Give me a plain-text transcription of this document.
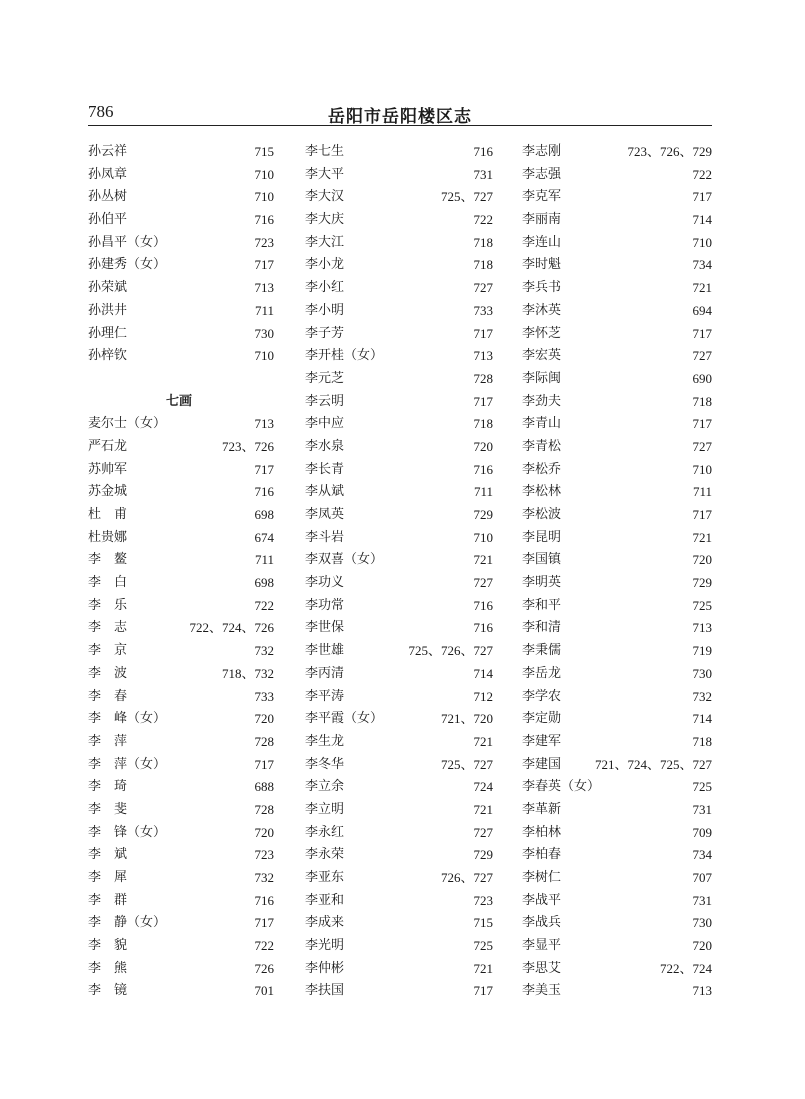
786	岳阳市岳阳楼区志
孙云祥	715
孙凤章	710
孙丛树	710
孙伯平	716
孙昌平（女）	723
孙建秀（女）	717
孙荣斌	713
孙洪井	711
孙理仁	730
孙梓钦	710
七画
麦尔士（女）	713
严石龙	723、726
苏帅军	717
苏金城	716
杜　甫	698
杜贵娜	674
李　鳌	711
李　白	698
李　乐	722
李　志	722、724、726
李　京	732
李　波	718、732
李　春	733
李　峰（女）	720
李　萍	728
李　萍（女）	717
李　琦	688
李　斐	728
李　锋（女）	720
李　斌	723
李　犀	732
李　群	716
李　静（女）	717
李　貌	722
李　熊	726
李　镜	701
李七生	716
李大平	731
李大汉	725、727
李大庆	722
李大江	718
李小龙	718
李小红	727
李小明	733
李子芳	717
李开桂（女）	713
李元芝	728
李云明	717
李中应	718
李水泉	720
李长青	716
李从斌	711
李凤英	729
李斗岩	710
李双喜（女）	721
李功义	727
李功常	716
李世保	716
李世雄	725、726、727
李丙清	714
李平涛	712
李平霞（女）	721、720
李生龙	721
李冬华	725、727
李立余	724
李立明	721
李永红	727
李永荣	729
李亚东	726、727
李亚和	723
李成来	715
李光明	725
李仲彬	721
李扶国	717
李志刚	723、726、729
李志强	722
李克军	717
李丽南	714
李连山	710
李时魁	734
李兵书	721
李沐英	694
李怀芝	717
李宏英	727
李际闽	690
李劲夫	718
李青山	717
李青松	727
李松乔	710
李松林	711
李松波	717
李昆明	721
李国镇	720
李明英	729
李和平	725
李和清	713
李秉儒	719
李岳龙	730
李学农	732
李定勋	714
李建军	718
李建国	721、724、725、727
李春英（女）	725
李革新	731
李柏林	709
李柏春	734
李树仁	707
李战平	731
李战兵	730
李显平	720
李思艾	722、724
李美玉	713
